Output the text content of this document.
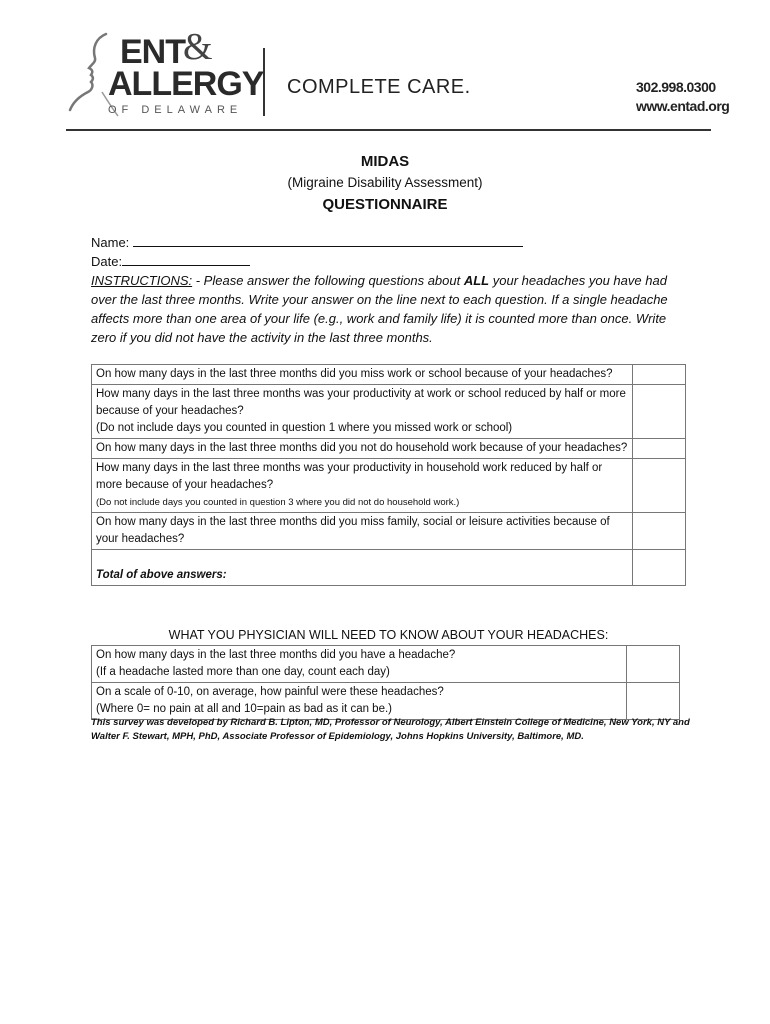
ENT
&
ALLERGY
OF DELAWARE
COMPLETE CARE.	302.998.0300
www.entad.org
MIDAS
(Migraine Disability Assessment)
QUESTIONNAIRE
Name:
Date:
INSTRUCTIONS: - Please answer the following questions about ALL your headaches you have had over the last three months. Write your answer on the line next to each question. If a single headache affects more than one area of your life (e.g., work and family life) it is counted more than once. Write zero if you did not have the activity in the last three months.
On how many days in the last three months did you miss work or school because of your headaches?	
How many days in the last three months was your productivity at work or school reduced by half or more because of your headaches?
(Do not include days you counted in question 1 where you missed work or school)	
On how many days in the last three months did you not do household work because of your headaches?	
How many days in the last three months was your productivity in household work reduced by half or more because of your headaches?
(Do not include days you counted in question 3 where you did not do household work.)	
On how many days in the last three months did you miss family, social or leisure activities because of your headaches?	
Total of above answers:	
WHAT YOU PHYSICIAN WILL NEED TO KNOW ABOUT YOUR HEADACHES:
On how many days in the last three months did you have a headache?
(If a headache lasted more than one day, count each day)	
On a scale of 0-10, on average, how painful were these headaches?
(Where 0= no pain at all and 10=pain as bad as it can be.)	
This survey was developed by Richard B. Lipton, MD, Professor of Neurology, Albert Einstein College of Medicine, New York, NY and Walter F. Stewart, MPH, PhD, Associate Professor of Epidemiology, Johns Hopkins University, Baltimore, MD.
